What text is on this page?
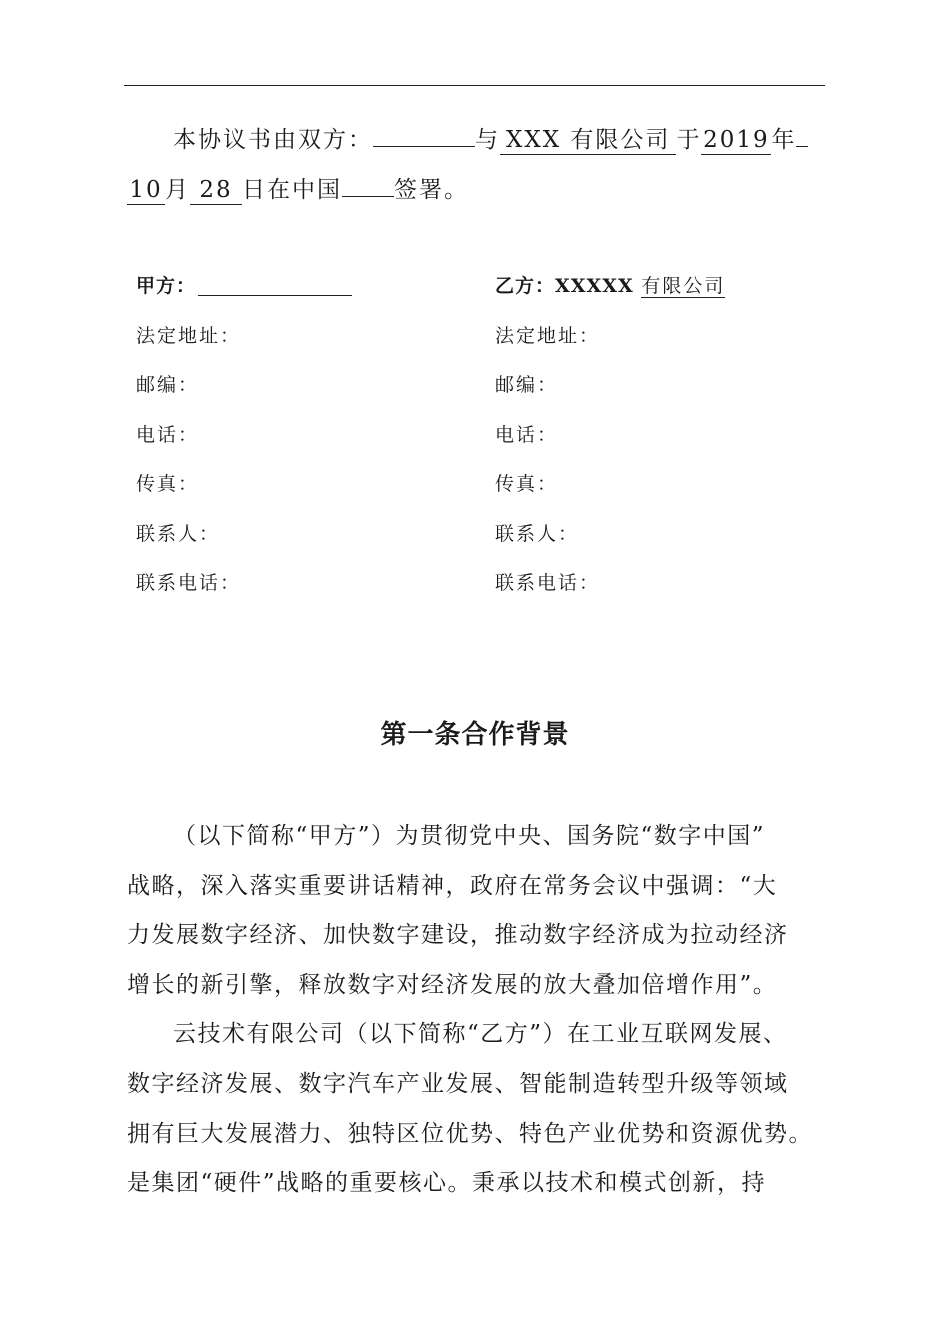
本协议书由双方：	与 XXX 有限公司 于2019年

10 月 28 日在中国 签署。

甲方：
法定地址：
邮编：
电话：
传真：
联系人：
联系电话：
乙方：XXXXX 有限公司
法定地址：
邮编：
电话：
传真：
联系人：
联系电话：
第一条合作背景
（以下简称“甲方”）为贯彻党中央、国务院“数字中国”
战略，深入落实重要讲话精神，政府在常务会议中强调：“大
力发展数字经济、加快数字建设，推动数字经济成为拉动经济
增长的新引擎，释放数字对经济发展的放大叠加倍增作用”。
云技术有限公司（以下简称“乙方”）在工业互联网发展、
数字经济发展、数字汽车产业发展、智能制造转型升级等领域
拥有巨大发展潜力、独特区位优势、特色产业优势和资源优势。
是集团“硬件”战略的重要核心。秉承以技术和模式创新，持
